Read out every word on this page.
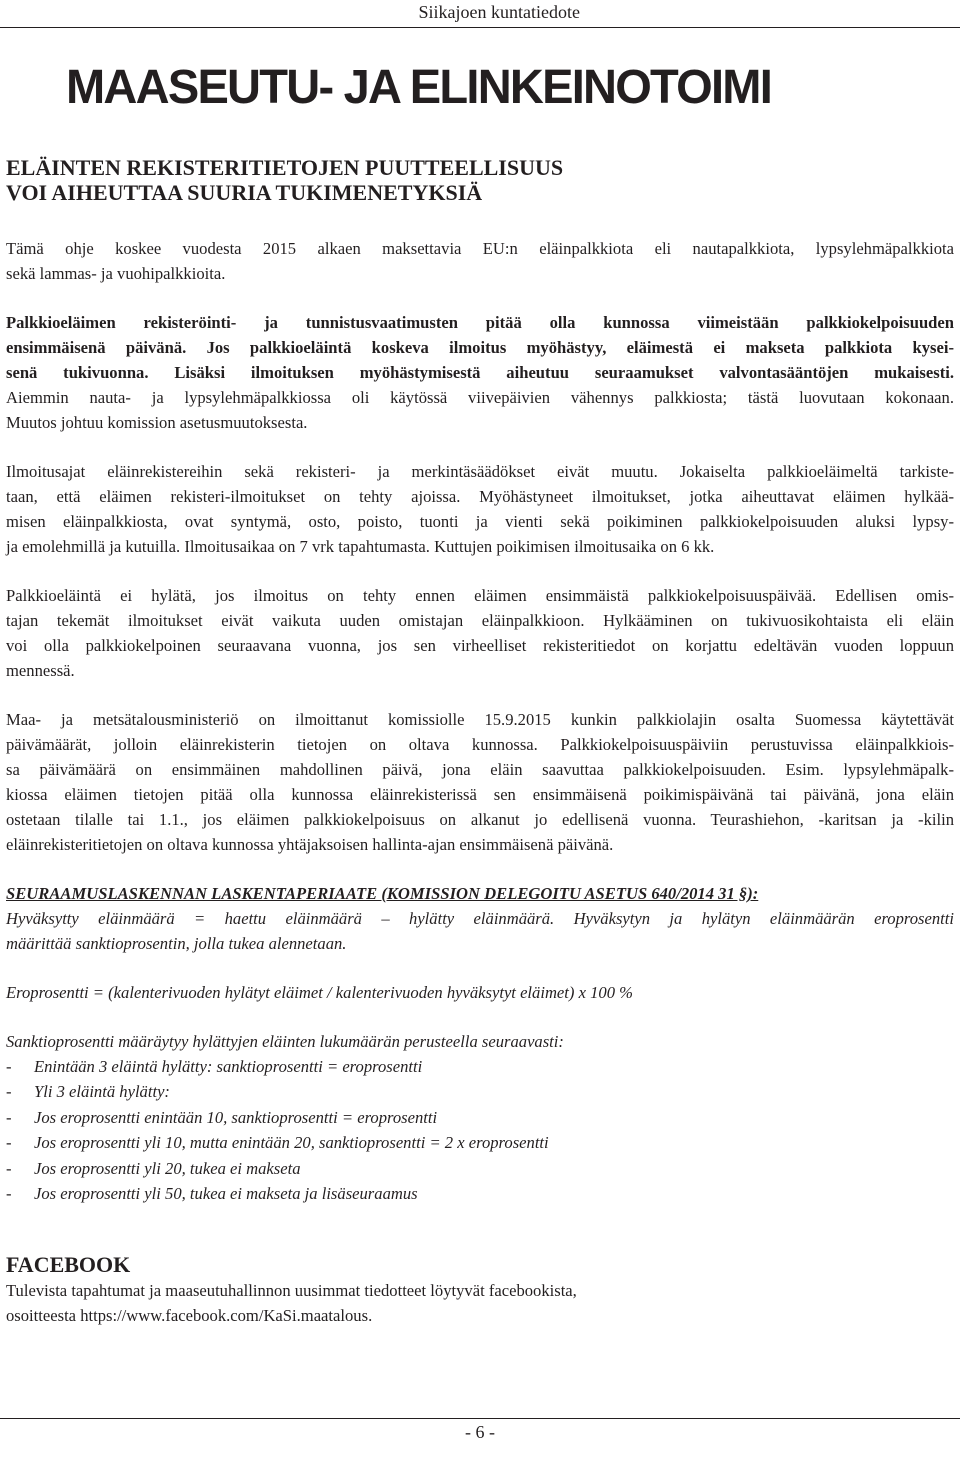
Siikajoen kuntatiedote
MAASEUTU- JA ELINKEINOTOIMI
ELÄINTEN REKISTERITIETOJEN PUUTTEELLISUUS
VOI AIHEUTTAA SUURIA TUKIMENETYKSIÄ

Tämä ohje koskee vuodesta 2015 alkaen maksettavia EU:n eläinpalkkiota eli nautapalkkiota, lypsylehmäpalkkiota
sekä lammas- ja vuohipalkkioita.

Palkkioeläimen rekisteröinti- ja tunnistusvaatimusten pitää olla kunnossa viimeistään palkkiokelpoisuuden
ensimmäisenä päivänä. Jos palkkioeläintä koskeva ilmoitus myöhästyy, eläimestä ei makseta palkkiota kysei-
senä tukivuonna. Lisäksi ilmoituksen myöhästymisestä aiheutuu seuraamukset valvontasääntöjen mukaisesti.
Aiemmin nauta- ja lypsylehmäpalkkiossa oli käytössä viivepäivien vähennys palkkiosta; tästä luovutaan kokonaan.
Muutos johtuu komission asetusmuutoksesta.

Ilmoitusajat eläinrekistereihin sekä rekisteri- ja merkintäsäädökset eivät muutu. Jokaiselta palkkioeläimeltä tarkiste-
taan, että eläimen rekisteri-ilmoitukset on tehty ajoissa. Myöhästyneet ilmoitukset, jotka aiheuttavat eläimen hylkää-
misen eläinpalkkiosta, ovat syntymä, osto, poisto, tuonti ja vienti sekä poikiminen palkkiokelpoisuuden aluksi lypsy-
ja emolehmillä ja kutuilla. Ilmoitusaikaa on 7 vrk tapahtumasta. Kuttujen poikimisen ilmoitusaika on 6 kk.

Palkkioeläintä ei hylätä, jos ilmoitus on tehty ennen eläimen ensimmäistä palkkiokelpoisuuspäivää. Edellisen omis-
tajan tekemät ilmoitukset eivät vaikuta uuden omistajan eläinpalkkioon. Hylkääminen on tukivuosikohtaista eli eläin
voi olla palkkiokelpoinen seuraavana vuonna, jos sen virheelliset rekisteritiedot on korjattu edeltävän vuoden loppuun
mennessä.

Maa- ja metsätalousministeriö on ilmoittanut komissiolle 15.9.2015 kunkin palkkiolajin osalta Suomessa käytettävät
päivämäärät, jolloin eläinrekisterin tietojen on oltava kunnossa. Palkkiokelpoisuuspäiviin perustuvissa eläinpalkkiois-
sa päivämäärä on ensimmäinen mahdollinen päivä, jona eläin saavuttaa palkkiokelpoisuuden. Esim. lypsylehmäpalk-
kiossa eläimen tietojen pitää olla kunnossa eläinrekisterissä sen ensimmäisenä poikimispäivänä tai päivänä, jona eläin
ostetaan tilalle tai 1.1., jos eläimen palkkiokelpoisuus on alkanut jo edellisenä vuonna. Teurashiehon, -karitsan ja -kilin
eläinrekisteritietojen on oltava kunnossa yhtäjaksoisen hallinta-ajan ensimmäisenä päivänä.

SEURAAMUSLASKENNAN LASKENTAPERIAATE (KOMISSION DELEGOITU ASETUS 640/2014 31 §):
Hyväksytty eläinmäärä = haettu eläinmäärä – hylätty eläinmäärä. Hyväksytyn ja hylätyn eläinmäärän eroprosentti
määrittää sanktioprosentin, jolla tukea alennetaan.

Eroprosentti = (kalenterivuoden hylätyt eläimet / kalenterivuoden hyväksytyt eläimet) x 100 %

Sanktioprosentti määräytyy hylättyjen eläinten lukumäärän perusteella seuraavasti:

- Enintään 3 eläintä hylätty: sanktioprosentti = eroprosentti
- Yli 3 eläintä hylätty:
- Jos eroprosentti enintään 10, sanktioprosentti = eroprosentti
- Jos eroprosentti yli 10, mutta enintään 20, sanktioprosentti = 2 x eroprosentti
- Jos eroprosentti yli 20, tukea ei makseta
- Jos eroprosentti yli 50, tukea ei makseta ja lisäseuraamus
FACEBOOK

Tulevista tapahtumat ja maaseutuhallinnon uusimmat tiedotteet löytyvät facebookista,
osoitteesta https://www.facebook.com/KaSi.maatalous.

- 6 -
